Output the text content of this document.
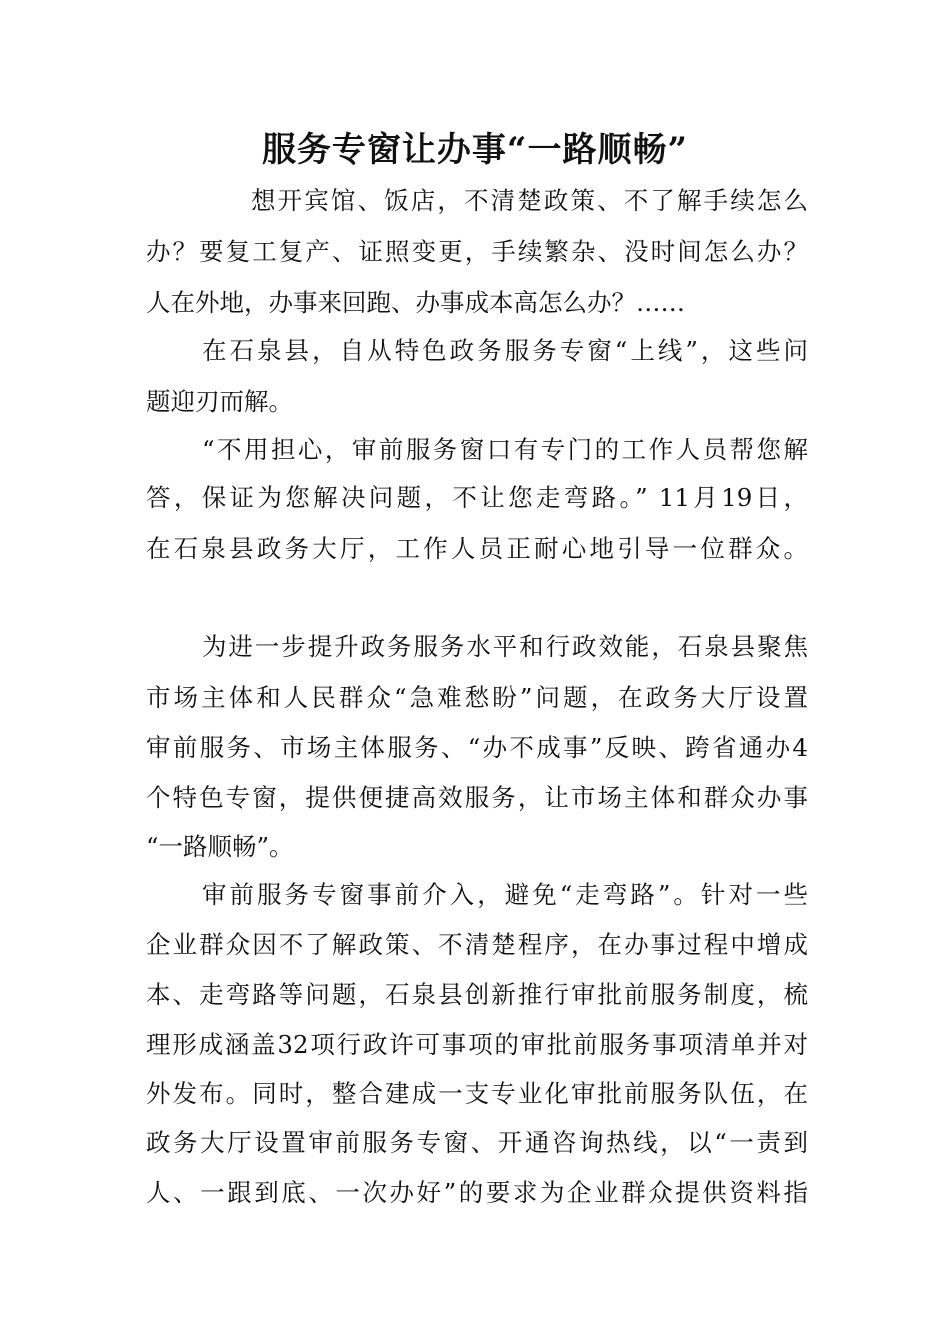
服务专窗让办事“一路顺畅”
想开宾馆、饭店，不清楚政策、不了解手续怎么
办？要复工复产、证照变更，手续繁杂、没时间怎么办？
人在外地，办事来回跑、办事成本高怎么办？……
在石泉县，自从特色政务服务专窗“上线”，这些问
题迎刃而解。
“不用担心，审前服务窗口有专门的工作人员帮您解
答，保证为您解决问题，不让您走弯路。” 11月19日，
在石泉县政务大厅，工作人员正耐心地引导一位群众。
为进一步提升政务服务水平和行政效能，石泉县聚焦
市场主体和人民群众“急难愁盼”问题，在政务大厅设置
审前服务、市场主体服务、“办不成事”反映、跨省通办4
个特色专窗，提供便捷高效服务，让市场主体和群众办事
“一路顺畅”。
审前服务专窗事前介入，避免“走弯路”。针对一些
企业群众因不了解政策、不清楚程序，在办事过程中增成
本、走弯路等问题，石泉县创新推行审批前服务制度，梳
理形成涵盖32项行政许可事项的审批前服务事项清单并对
外发布。同时，整合建成一支专业化审批前服务队伍，在
政务大厅设置审前服务专窗、开通咨询热线，以“一责到
人、一跟到底、一次办好”的要求为企业群众提供资料指
